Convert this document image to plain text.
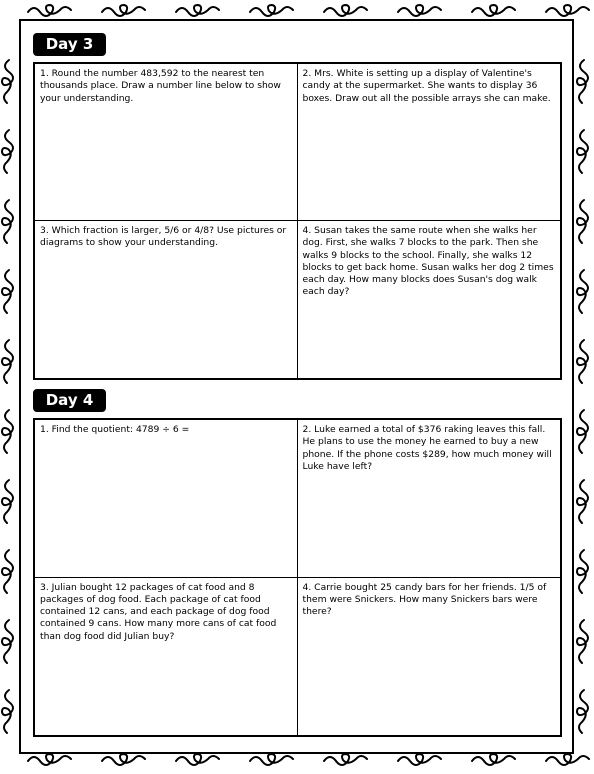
Day 3
1. Round the number 483,592 to the nearest ten thousands place. Draw a number line below to show your understanding.
2. Mrs. White is setting up a display of Valentine's candy at the supermarket. She wants to display 36 boxes. Draw out all the possible arrays she can make.
3. Which fraction is larger, 5/6 or 4/8? Use pictures or diagrams to show your understanding.
4. Susan takes the same route when she walks her dog. First, she walks 7 blocks to the park. Then she walks 9 blocks to the school. Finally, she walks 12 blocks to get back home. Susan walks her dog 2 times each day. How many blocks does Susan's dog walk each day?
Day 4
1. Find the quotient: 4789 ÷ 6 =	2. Luke earned a total of $376 raking leaves this fall. He plans to use the money he earned to buy a new phone. If the phone costs $289, how much money will Luke have left?
3. Julian bought 12 packages of cat food and 8 packages of dog food. Each package of cat food contained 12 cans, and each package of dog food contained 9 cans. How many more cans of cat food than dog food did Julian buy?
4. Carrie bought 25 candy bars for her friends. 1/5 of them were Snickers. How many Snickers bars were there?
